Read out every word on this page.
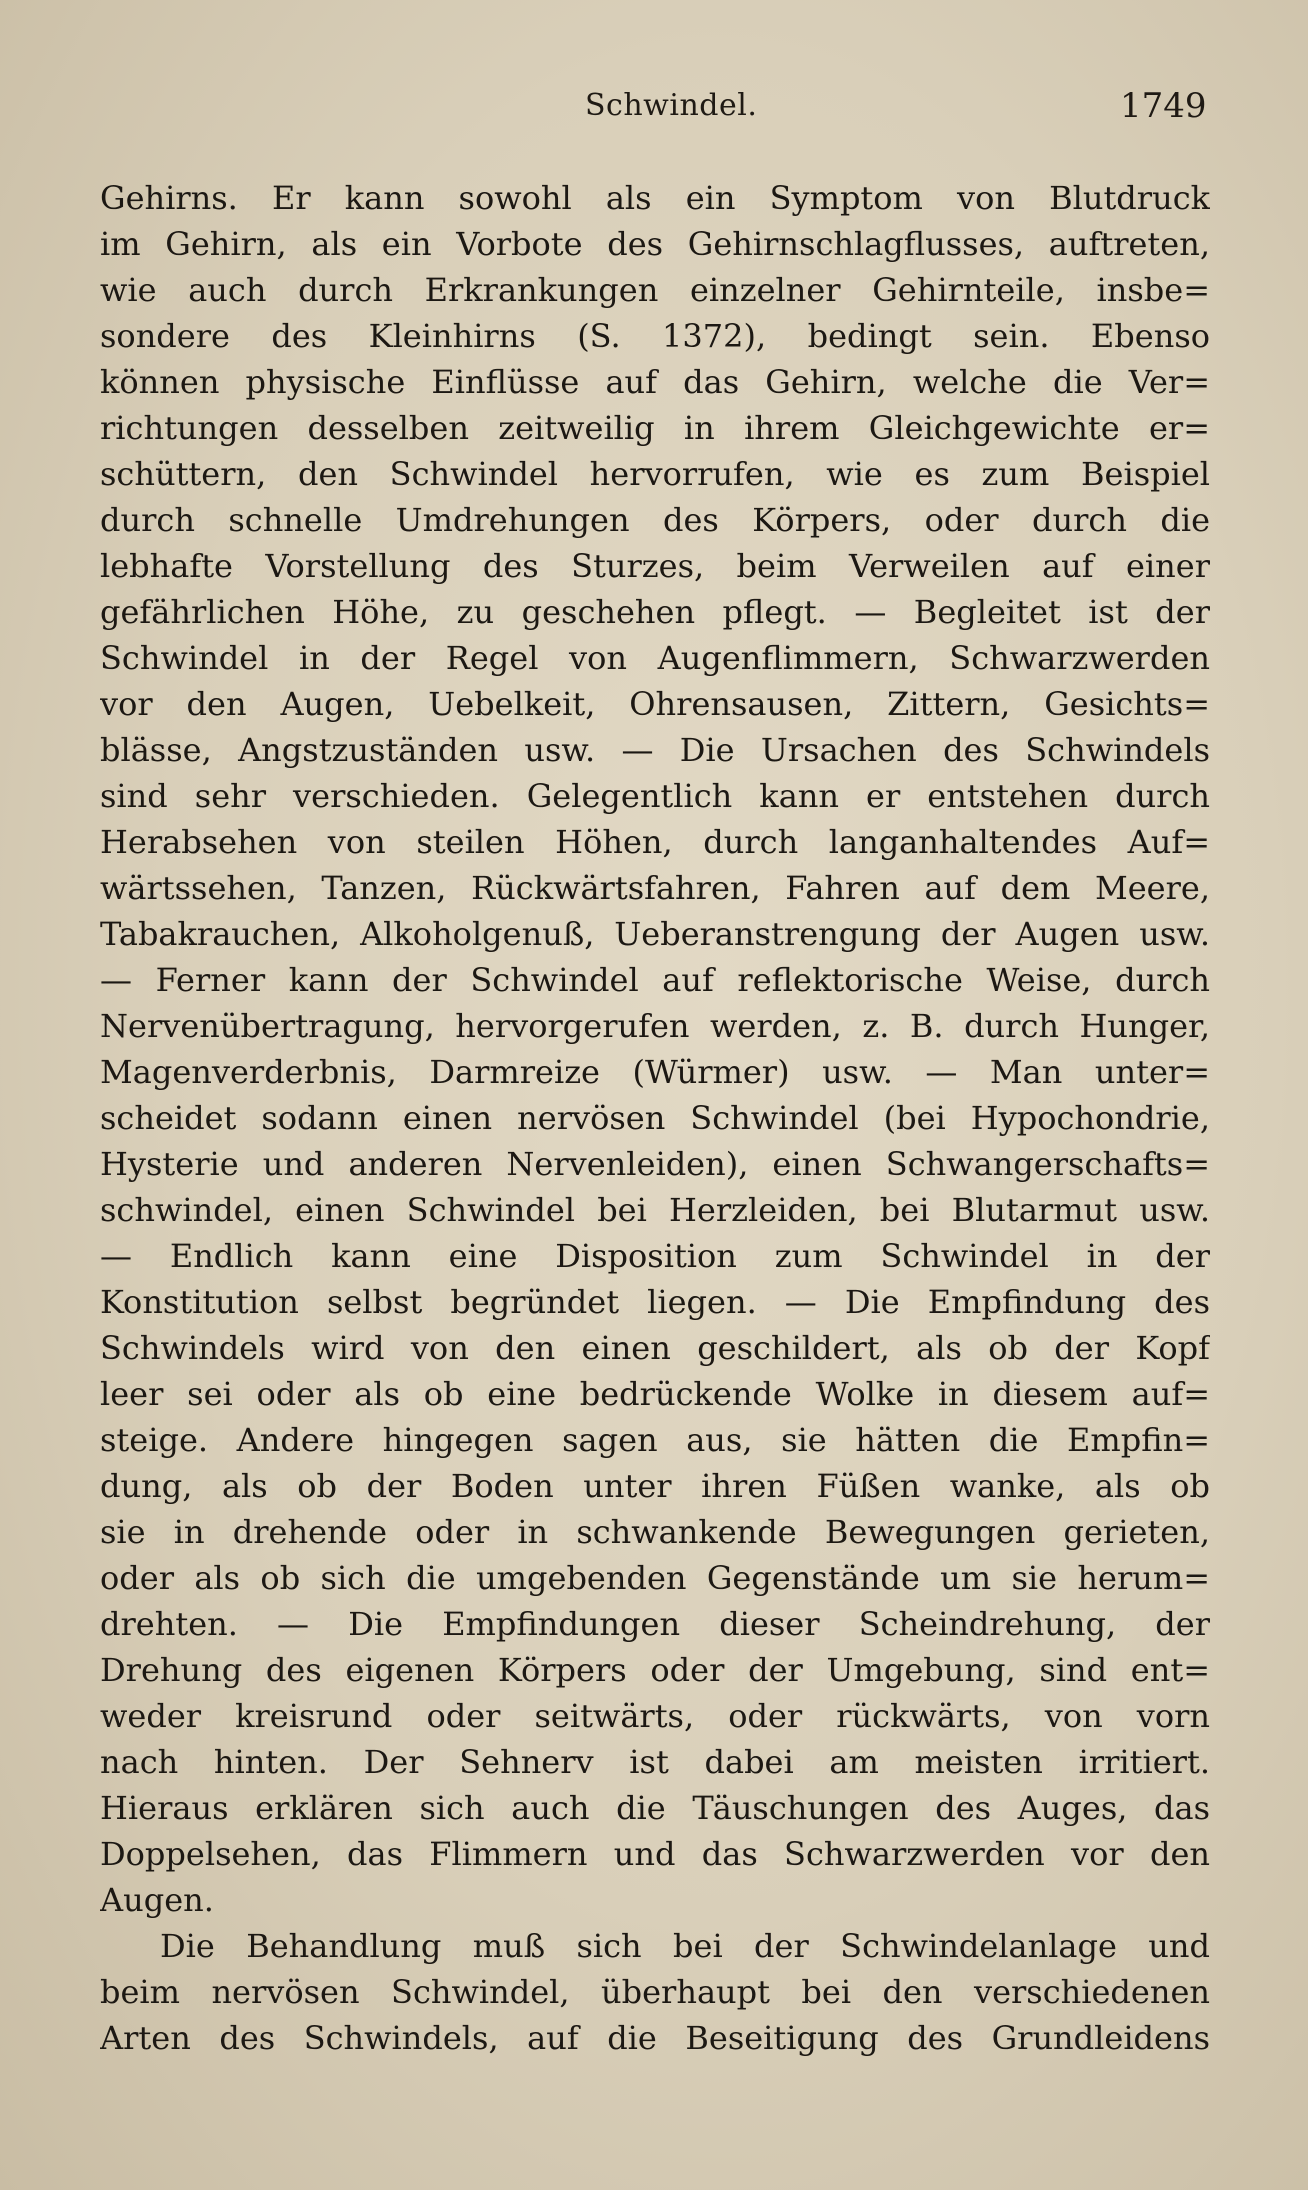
Schwindel.	1749
Gehirns. Er kann sowohl als ein Symptom von Blutdruck
im Gehirn, als ein Vorbote des Gehirnschlagflusses, auftreten,
wie auch durch Erkrankungen einzelner Gehirnteile, insbe=
sondere des Kleinhirns (S. 1372), bedingt sein. Ebenso
können physische Einflüsse auf das Gehirn, welche die Ver=
richtungen desselben zeitweilig in ihrem Gleichgewichte er=
schüttern, den Schwindel hervorrufen, wie es zum Beispiel
durch schnelle Umdrehungen des Körpers, oder durch die
lebhafte Vorstellung des Sturzes, beim Verweilen auf einer
gefährlichen Höhe, zu geschehen pflegt. — Begleitet ist der
Schwindel in der Regel von Augenflimmern, Schwarzwerden
vor den Augen, Uebelkeit, Ohrensausen, Zittern, Gesichts=
blässe, Angstzuständen usw. — Die Ursachen des Schwindels
sind sehr verschieden. Gelegentlich kann er entstehen durch
Herabsehen von steilen Höhen, durch langanhaltendes Auf=
wärtssehen, Tanzen, Rückwärtsfahren, Fahren auf dem Meere,
Tabakrauchen, Alkoholgenuß, Ueberanstrengung der Augen usw.
— Ferner kann der Schwindel auf reflektorische Weise, durch
Nervenübertragung, hervorgerufen werden, z. B. durch Hunger,
Magenverderbnis, Darmreize (Würmer) usw. — Man unter=
scheidet sodann einen nervösen Schwindel (bei Hypochondrie,
Hysterie und anderen Nervenleiden), einen Schwangerschafts=
schwindel, einen Schwindel bei Herzleiden, bei Blutarmut usw.
— Endlich kann eine Disposition zum Schwindel in der
Konstitution selbst begründet liegen. — Die Empfindung des
Schwindels wird von den einen geschildert, als ob der Kopf
leer sei oder als ob eine bedrückende Wolke in diesem auf=
steige. Andere hingegen sagen aus, sie hätten die Empfin=
dung, als ob der Boden unter ihren Füßen wanke, als ob
sie in drehende oder in schwankende Bewegungen gerieten,
oder als ob sich die umgebenden Gegenstände um sie herum=
drehten. — Die Empfindungen dieser Scheindrehung, der
Drehung des eigenen Körpers oder der Umgebung, sind ent=
weder kreisrund oder seitwärts, oder rückwärts, von vorn
nach hinten. Der Sehnerv ist dabei am meisten irritiert.
Hieraus erklären sich auch die Täuschungen des Auges, das
Doppelsehen, das Flimmern und das Schwarzwerden vor den
Augen.
Die Behandlung muß sich bei der Schwindelanlage und
beim nervösen Schwindel, überhaupt bei den verschiedenen
Arten des Schwindels, auf die Beseitigung des Grundleidens
